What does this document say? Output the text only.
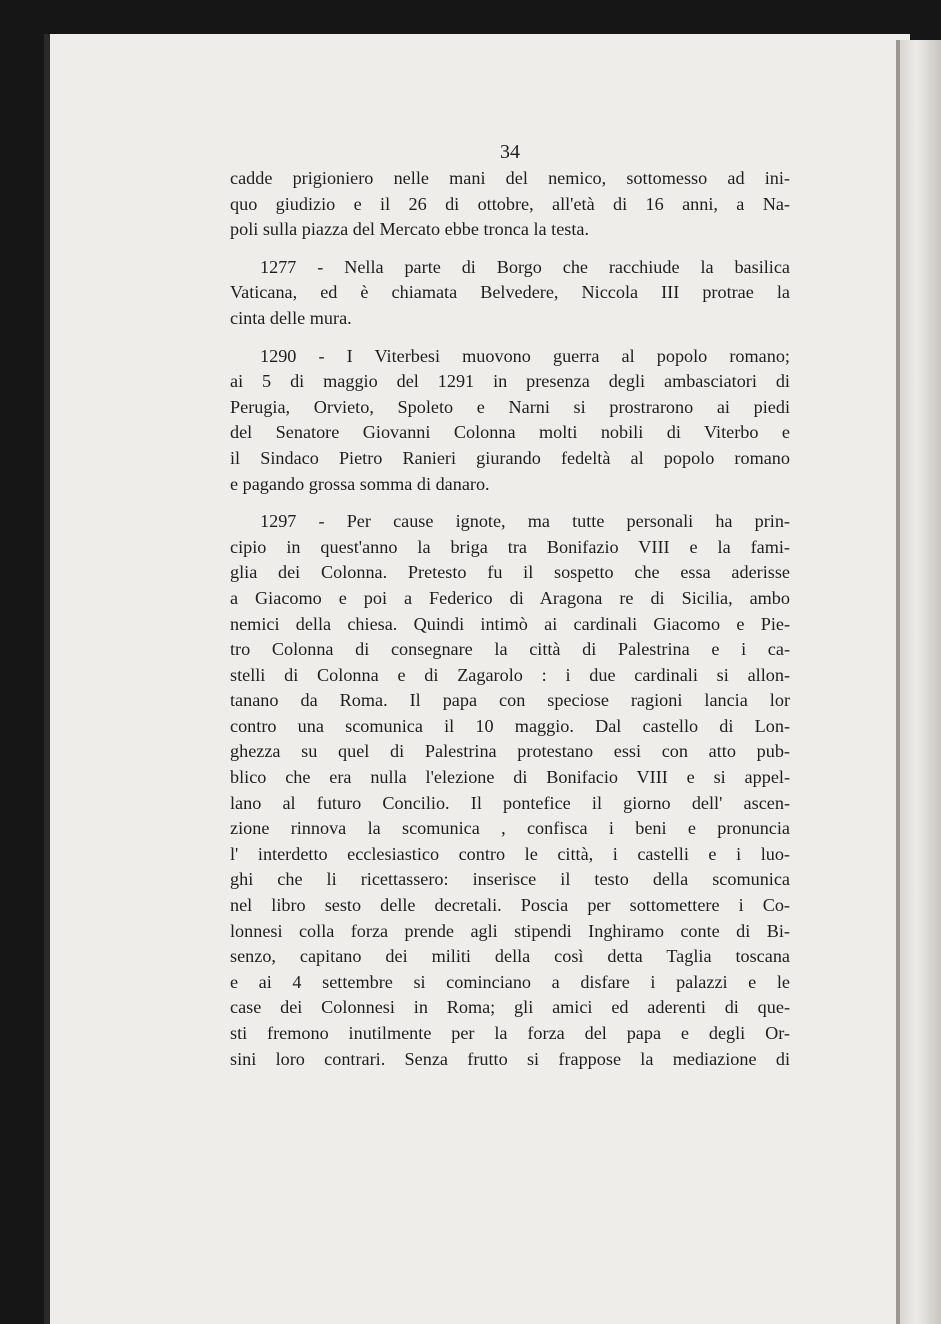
34
cadde prigioniero nelle mani del nemico, sottomesso ad ini-
quo giudizio e il 26 di ottobre, all'età di 16 anni, a Na-
poli sulla piazza del Mercato ebbe tronca la testa.
1277 - Nella parte di Borgo che racchiude la basilica
Vaticana, ed è chiamata Belvedere, Niccola III protrae la
cinta delle mura.
1290 - I Viterbesi muovono guerra al popolo romano;
ai 5 di maggio del 1291 in presenza degli ambasciatori di
Perugia, Orvieto, Spoleto e Narni si prostrarono ai piedi
del Senatore Giovanni Colonna molti nobili di Viterbo e
il Sindaco Pietro Ranieri giurando fedeltà al popolo romano
e pagando grossa somma di danaro.
1297 - Per cause ignote, ma tutte personali ha prin-
cipio in quest'anno la briga tra Bonifazio VIII e la fami-
glia dei Colonna. Pretesto fu il sospetto che essa aderisse
a Giacomo e poi a Federico di Aragona re di Sicilia, ambo
nemici della chiesa. Quindi intimò ai cardinali Giacomo e Pie-
tro Colonna di consegnare la città di Palestrina e i ca-
stelli di Colonna e di Zagarolo : i due cardinali si allon-
tanano da Roma. Il papa con speciose ragioni lancia lor
contro una scomunica il 10 maggio. Dal castello di Lon-
ghezza su quel di Palestrina protestano essi con atto pub-
blico che era nulla l'elezione di Bonifacio VIII e si appel-
lano al futuro Concilio. Il pontefice il giorno dell' ascen-
zione rinnova la scomunica , confisca i beni e pronuncia
l' interdetto ecclesiastico contro le città, i castelli e i luo-
ghi che li ricettassero: inserisce il testo della scomunica
nel libro sesto delle decretali. Poscia per sottomettere i Co-
lonnesi colla forza prende agli stipendi Inghiramo conte di Bi-
senzo, capitano dei militi della così detta Taglia toscana
e ai 4 settembre si cominciano a disfare i palazzi e le
case dei Colonnesi in Roma; gli amici ed aderenti di que-
sti fremono inutilmente per la forza del papa e degli Or-
sini loro contrari. Senza frutto si frappose la mediazione di
